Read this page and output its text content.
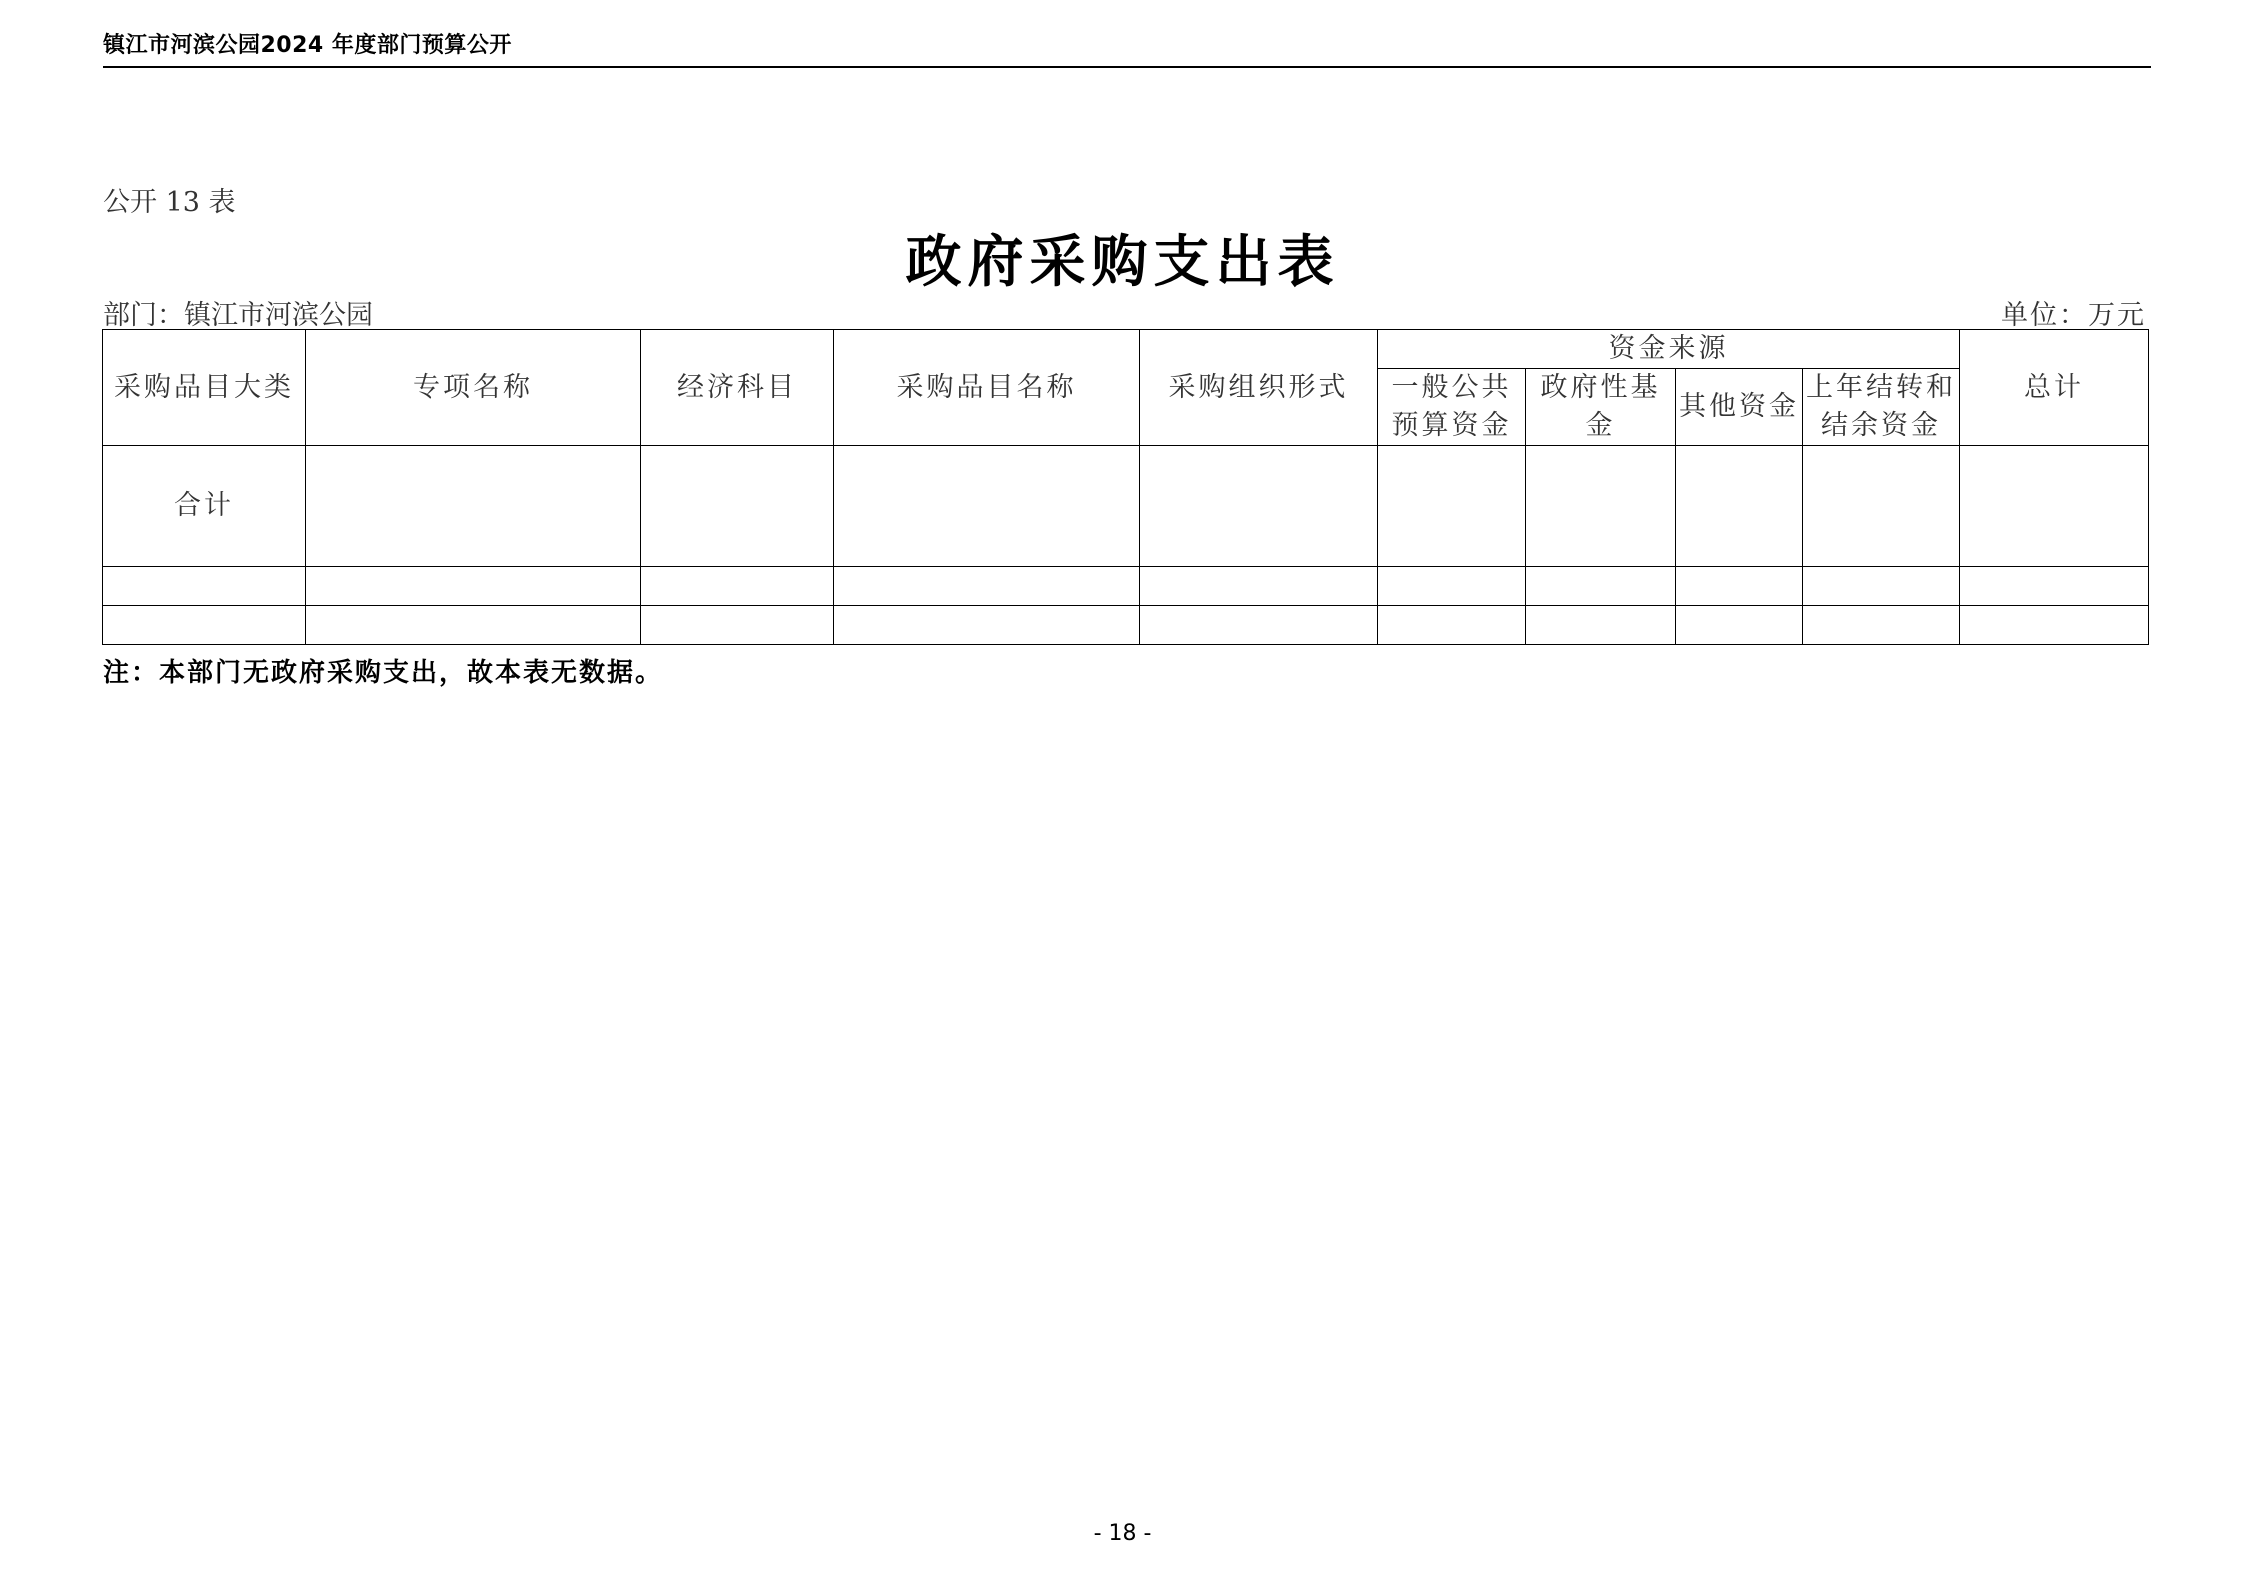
镇江市河滨公园2024 年度部门预算公开
公开 13 表
政府采购支出表
部门：镇江市河滨公园	单位：万元
采购品目大类	专项名称	经济科目	采购品目名称	采购组织形式	资金来源				总计
					一般公共预算资金	政府性基金	其他资金	上年结转和结余资金	
合计									

注：本部门无政府采购支出，故本表无数据。
- 18 -
